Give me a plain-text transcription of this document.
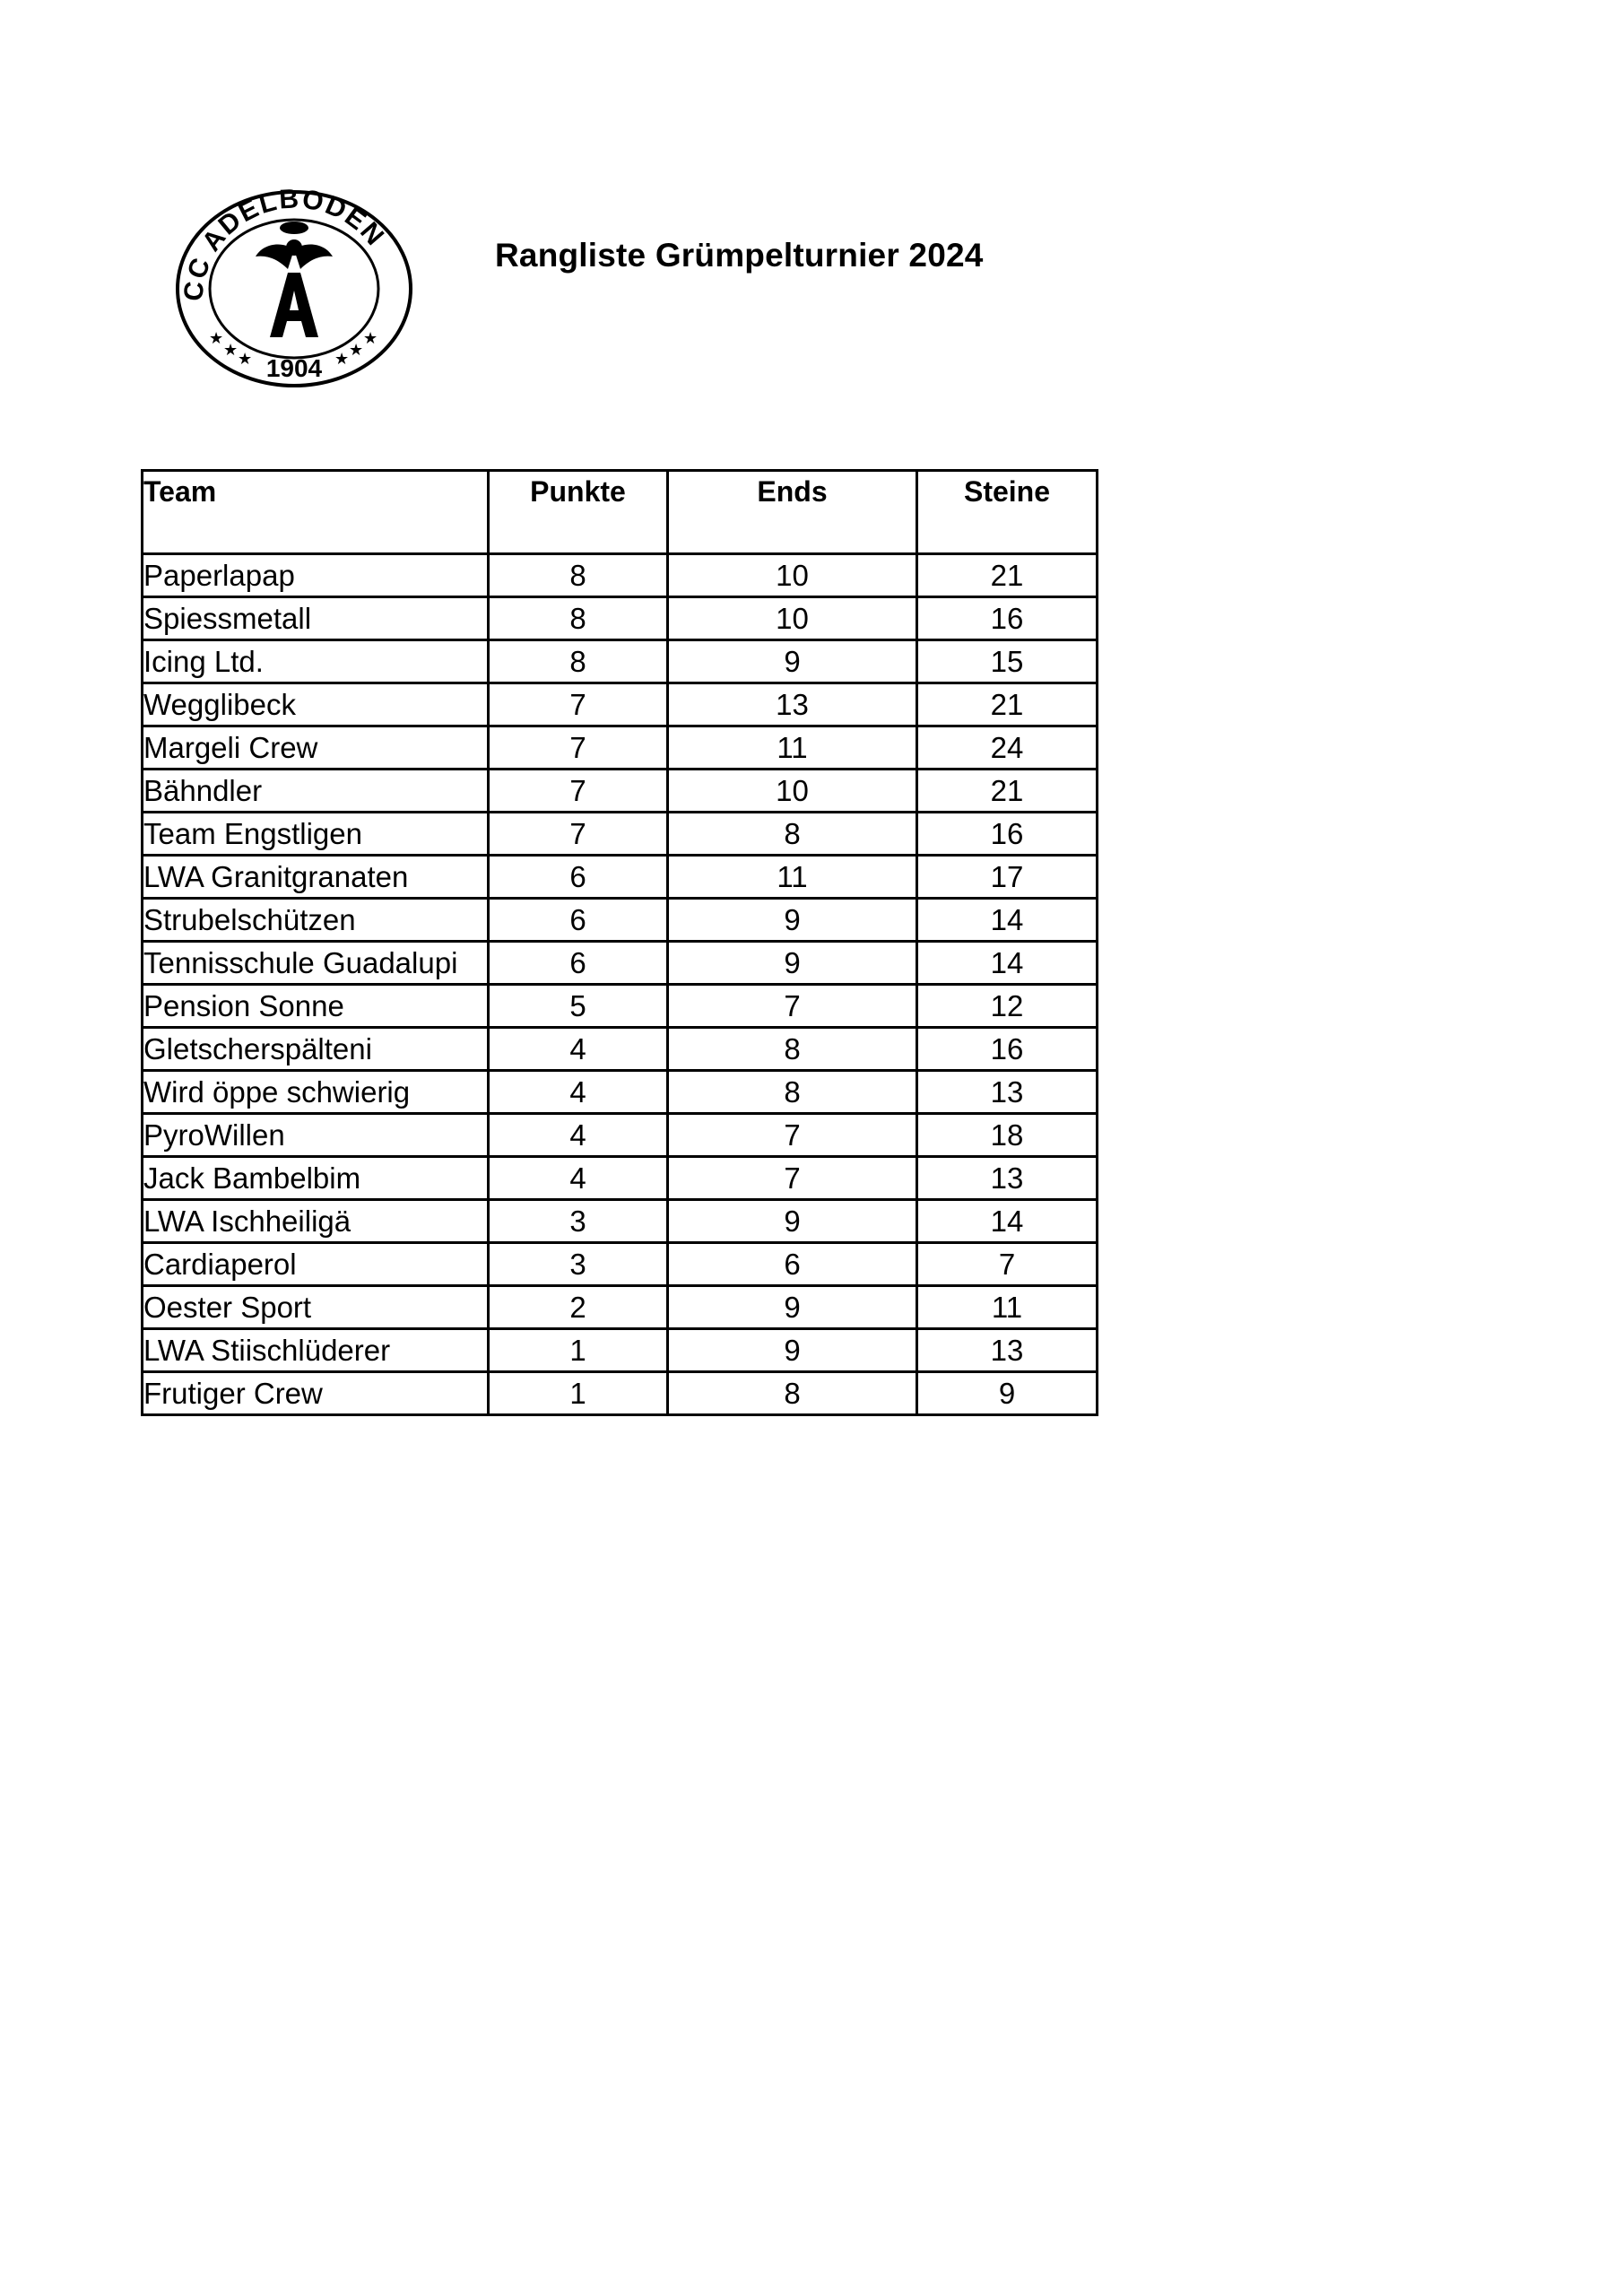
CC ADELBODEN
★
★ ★	★ ★
★
1904
Rangliste Grümpelturnier 2024
Team	Punkte	Ends	Steine
Paperlapap	8	10	21
Spiessmetall	8	10	16
Icing Ltd.	8	9	15
Wegglibeck	7	13	21
Margeli Crew	7	11	24
Bähndler	7	10	21
Team Engstligen	7	8	16
LWA Granitgranaten	6	11	17
Strubelschützen	6	9	14
Tennisschule Guadalupi	6	9	14
Pension Sonne	5	7	12
Gletscherspälteni	4	8	16
Wird öppe schwierig	4	8	13
PyroWillen	4	7	18
Jack Bambelbim	4	7	13
LWA Ischheiligä	3	9	14
Cardiaperol	3	6	7
Oester Sport	2	9	11
LWA Stiischlüderer	1	9	13
Frutiger Crew	1	8	9
